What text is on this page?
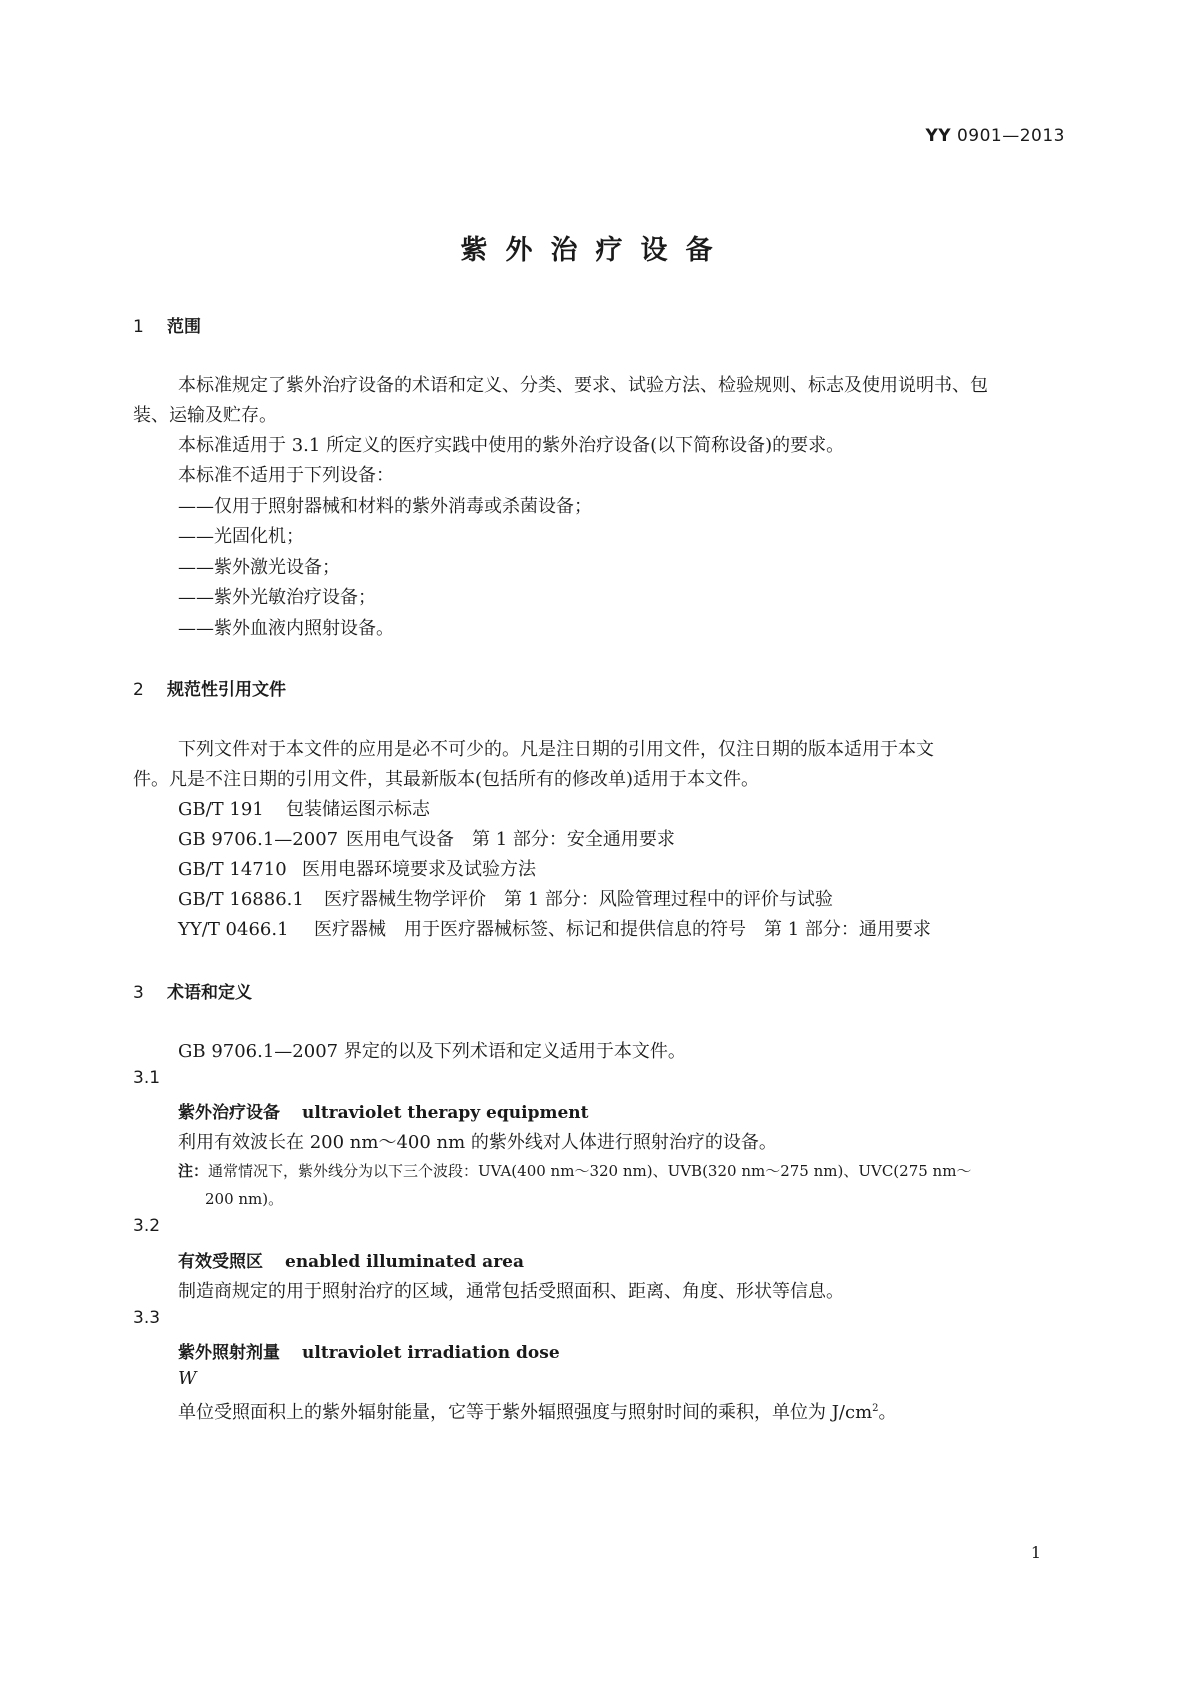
YY 0901—2013
紫外治疗设备
1 范围
本标准规定了紫外治疗设备的术语和定义、分类、要求、试验方法、检验规则、标志及使用说明书、包
装、运输及贮存。
本标准适用于 3.1 所定义的医疗实践中使用的紫外治疗设备(以下简称设备)的要求。
本标准不适用于下列设备：
——仅用于照射器械和材料的紫外消毒或杀菌设备；
——光固化机；
——紫外激光设备；
——紫外光敏治疗设备；
——紫外血液内照射设备。
2 规范性引用文件
下列文件对于本文件的应用是必不可少的。凡是注日期的引用文件，仅注日期的版本适用于本文
件。凡是不注日期的引用文件，其最新版本(包括所有的修改单)适用于本文件。
GB/T 191 包装储运图示标志
GB 9706.1—2007 医用电气设备　第 1 部分：安全通用要求
GB/T 14710 医用电器环境要求及试验方法
GB/T 16886.1 医疗器械生物学评价　第 1 部分：风险管理过程中的评价与试验
YY/T 0466.1 医疗器械　用于医疗器械标签、标记和提供信息的符号　第 1 部分：通用要求
3 术语和定义
GB 9706.1—2007 界定的以及下列术语和定义适用于本文件。
3.1
紫外治疗设备 ultraviolet therapy equipment
利用有效波长在 200 nm～400 nm 的紫外线对人体进行照射治疗的设备。
注：通常情况下，紫外线分为以下三个波段：UVA(400 nm～320 nm)、UVB(320 nm～275 nm)、UVC(275 nm～
200 nm)。
3.2
有效受照区 enabled illuminated area
制造商规定的用于照射治疗的区域，通常包括受照面积、距离、角度、形状等信息。
3.3
紫外照射剂量 ultraviolet irradiation dose
W
单位受照面积上的紫外辐射能量，它等于紫外辐照强度与照射时间的乘积，单位为 $J/cm^2$。
1
